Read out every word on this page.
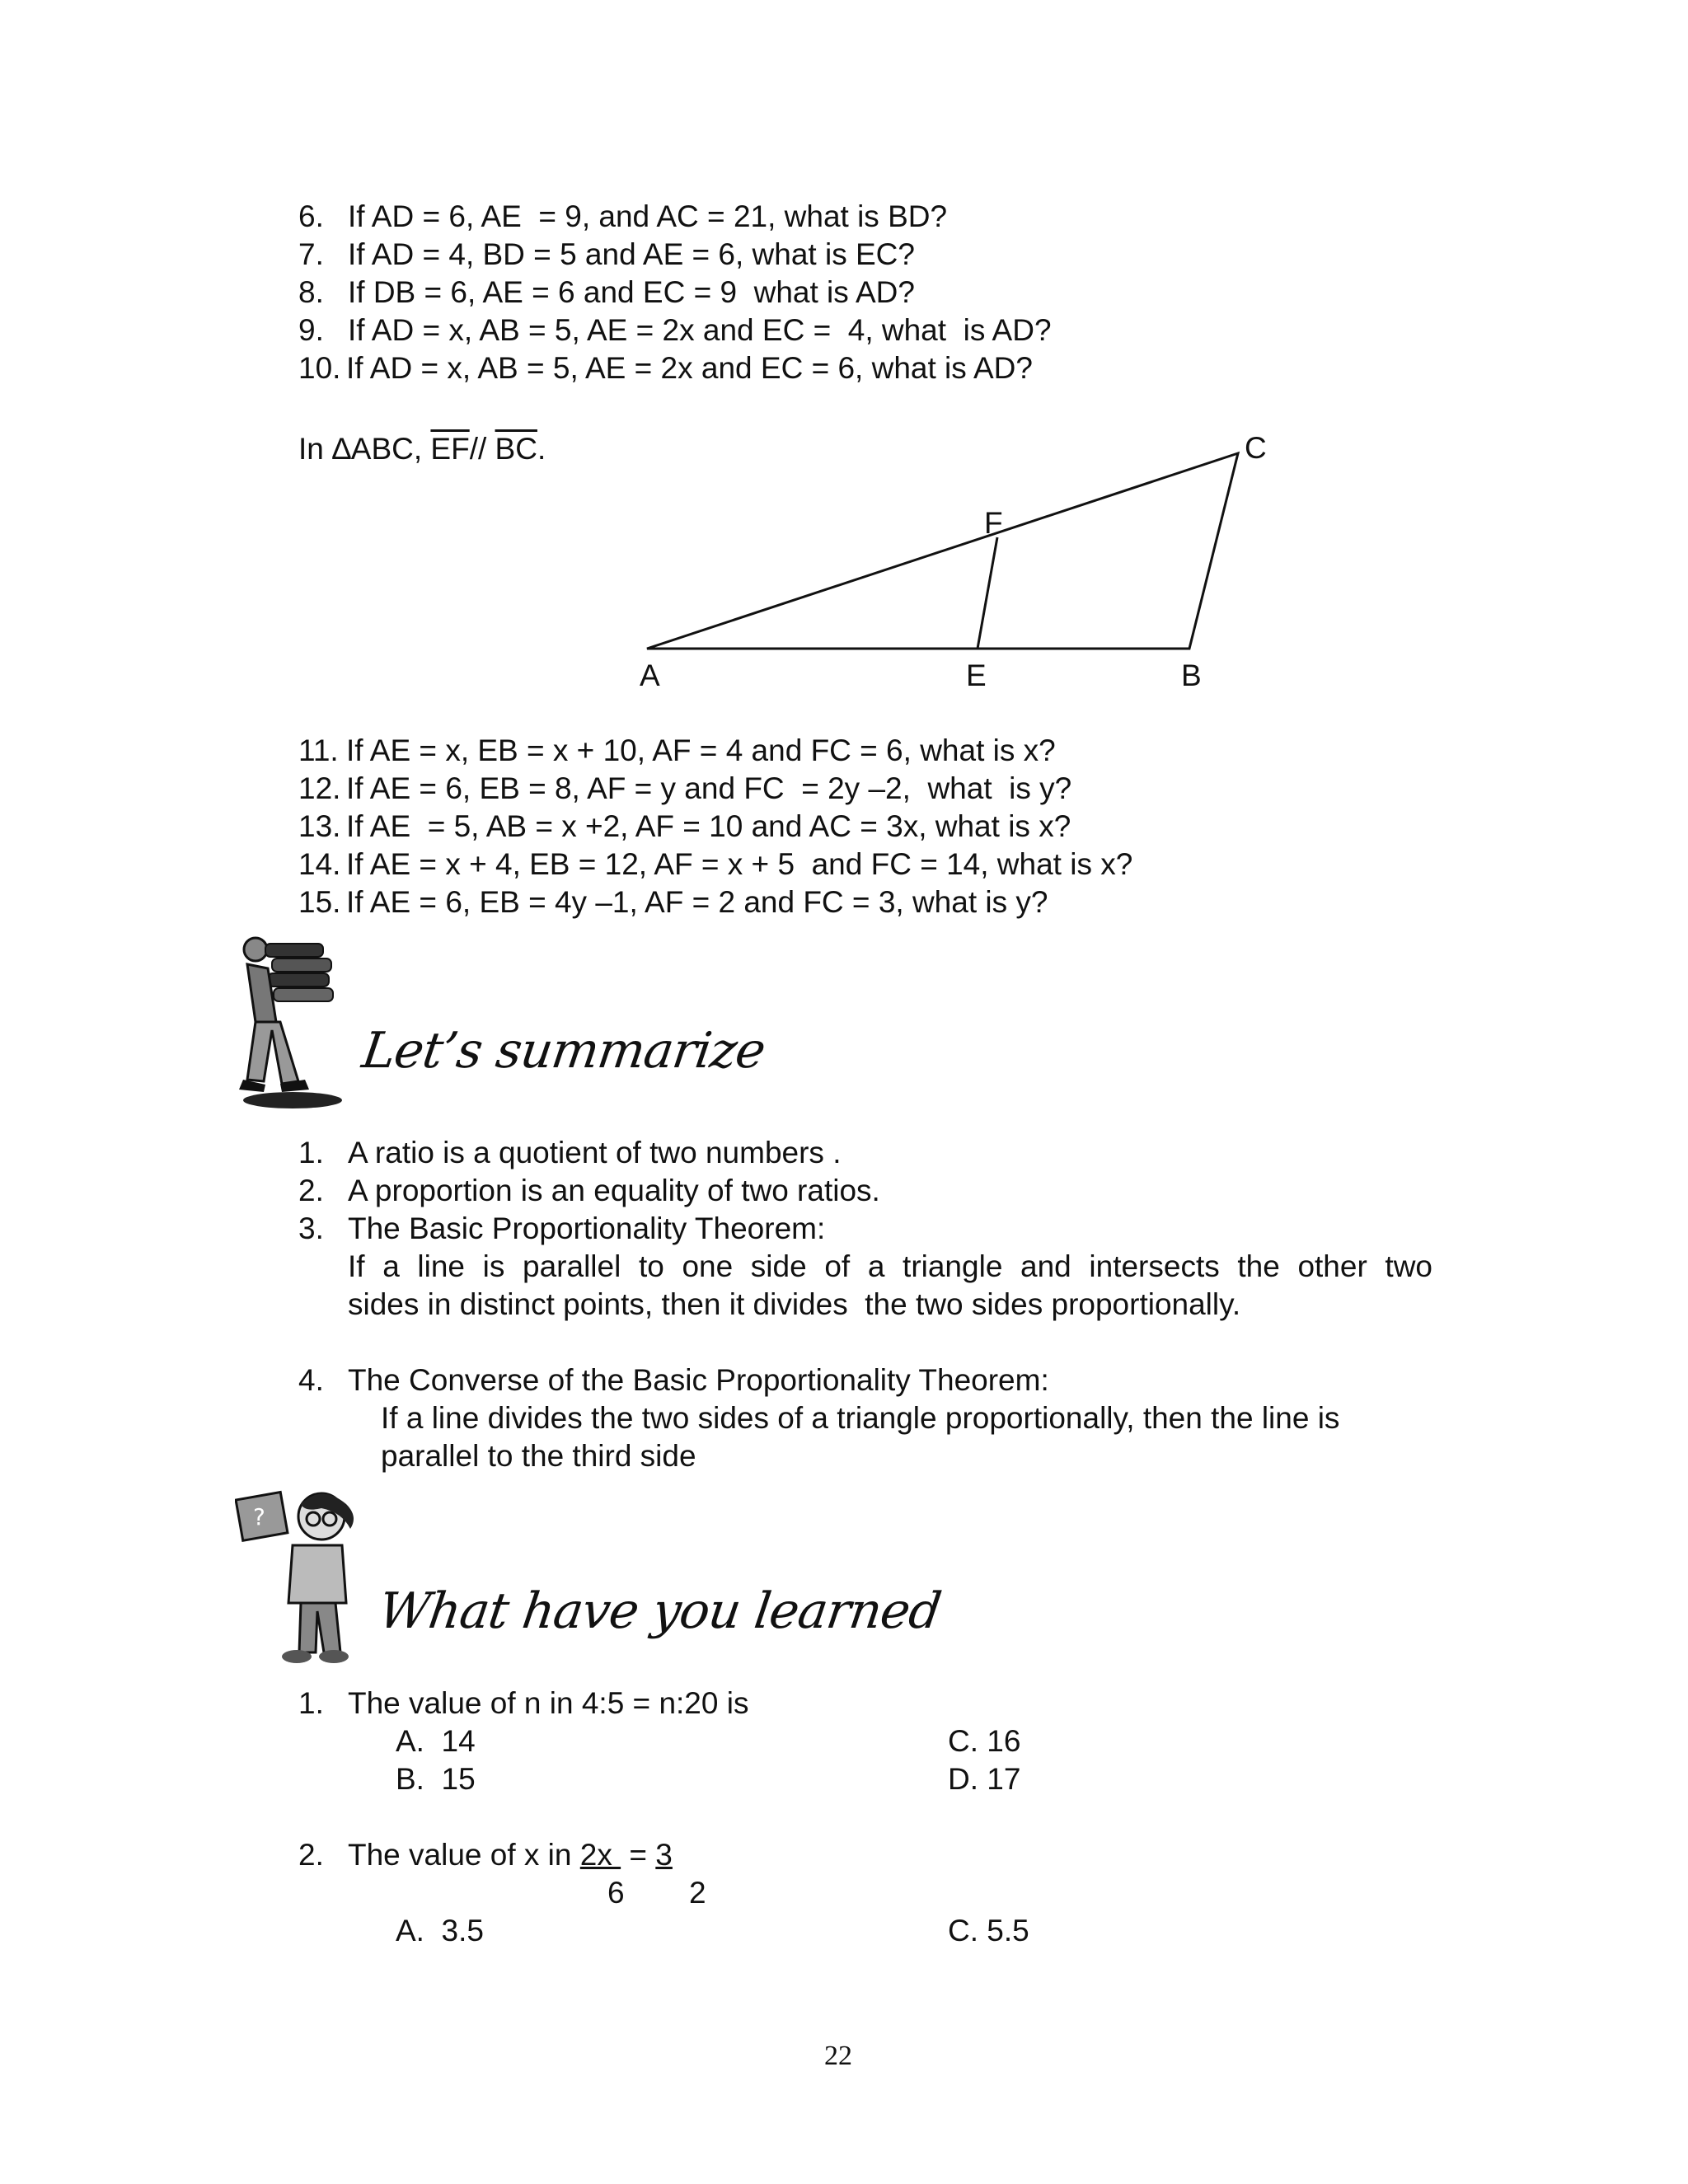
6. If AD = 6, AE  = 9, and AC = 21, what is BD?
7. If AD = 4, BD = 5 and AE = 6, what is EC?
8. If DB = 6, AE = 6 and EC = 9  what is AD?
9. If AD = x, AB = 5, AE = 2x and EC =  4, what  is AD?
10. If AD = x, AB = 5, AE = 2x and EC = 6, what is AD?
In ∆ABC, $\overline{EF}//$ $\overline{BC}$.
A	E	B
F
C
11. If AE = x, EB = x + 10, AF = 4 and FC = 6, what is x?
12. If AE = 6, EB = 8, AF = y and FC  = 2y –2,  what  is y?
13. If AE  = 5, AB = x +2, AF = 10 and AC = 3x, what is x?
14. If AE = x + 4, EB = 12, AF = x + 5  and FC = 14, what is x?
15. If AE = 6, EB = 4y –1, AF = 2 and FC = 3, what is y?
Let’s summarize
1. A ratio is a quotient of two numbers .
2. A proportion is an equality of two ratios.
3. The Basic Proportionality Theorem:
If a line is parallel to one side of a triangle and intersects the other two
sides in distinct points, then it divides  the two sides proportionally.
4. The Converse of the Basic Proportionality Theorem:
If a line divides the two sides of a triangle proportionally, then the line is
parallel to the third side
?
What have you learned
1. The value of n in 4:5 = n:20 is
A.  14	C. 16
B.  15	D. 17
2. The value of x in 2x  = 3
6 2
A.  3.5	C. 5.5
22
